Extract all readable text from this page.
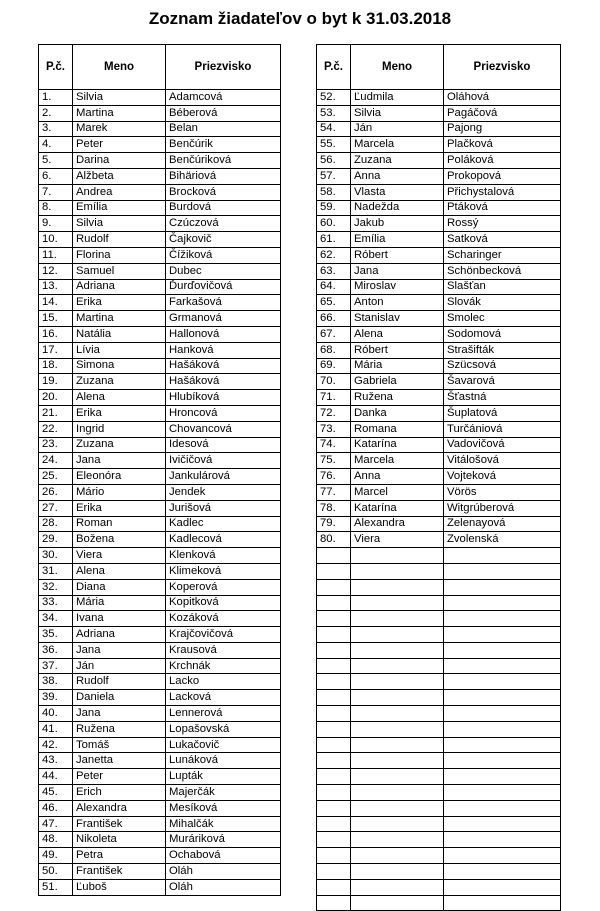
Zoznam žiadateľov o byt k 31.03.2018
P.č.	Meno	Priezvisko
1.	Silvia	Adamcová
2.	Martina	Béberová
3.	Marek	Belan
4.	Peter	Benčúrik
5.	Darina	Benčúriková
6.	Alžbeta	Bihäriová
7.	Andrea	Brocková
8.	Emília	Burdová
9.	Silvia	Czúczová
10.	Rudolf	Čajkovič
11.	Florina	Čížiková
12.	Samuel	Dubec
13.	Adriana	Ďurďovičová
14.	Erika	Farkašová
15.	Martina	Grmanová
16.	Natália	Hallonová
17.	Lívia	Hanková
18.	Simona	Hašáková
19.	Zuzana	Hašáková
20.	Alena	Hlubíková
21.	Erika	Hroncová
22.	Ingrid	Chovancová
23.	Zuzana	Idesová
24.	Jana	Ivičičová
25.	Eleonóra	Jankulárová
26.	Mário	Jendek
27.	Erika	Jurišová
28.	Roman	Kadlec
29.	Božena	Kadlecová
30.	Viera	Klenková
31.	Alena	Klimeková
32.	Diana	Koperová
33.	Mária	Kopitková
34.	Ivana	Kozáková
35.	Adriana	Krajčovičová
36.	Jana	Krausová
37.	Ján	Krchnák
38.	Rudolf	Lacko
39.	Daniela	Lacková
40.	Jana	Lennerová
41.	Ružena	Lopašovská
42.	Tomáš	Lukačovič
43.	Janetta	Lunáková
44.	Peter	Lupták
45.	Erich	Majerčák
46.	Alexandra	Mesíková
47.	František	Mihalčák
48.	Nikoleta	Muráriková
49.	Petra	Ochabová
50.	František	Oláh
51.	Ľuboš	Oláh
P.č.	Meno	Priezvisko
52.	Ľudmila	Oláhová
53.	Silvia	Pagáčová
54.	Ján	Pajong
55.	Marcela	Plačková
56.	Zuzana	Poláková
57.	Anna	Prokopová
58.	Vlasta	Přichystalová
59.	Nadežda	Ptáková
60.	Jakub	Rossý
61.	Emília	Satková
62.	Róbert	Scharinger
63.	Jana	Schönbecková
64.	Miroslav	Slašťan
65.	Anton	Slovák
66.	Stanislav	Smolec
67.	Alena	Sodomová
68.	Róbert	Strašifták
69.	Mária	Szücsová
70.	Gabriela	Šavarová
71.	Ružena	Šťastná
72.	Danka	Šuplatová
73.	Romana	Turčániová
74.	Katarína	Vadovičová
75.	Marcela	Vitálošová
76.	Anna	Vojteková
77.	Marcel	Vörös
78.	Katarína	Witgrúberová
79.	Alexandra	Zelenayová
80.	Viera	Zvolenská
